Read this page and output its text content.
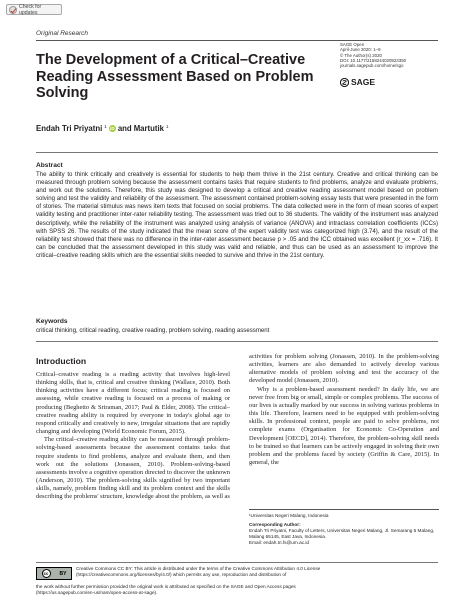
Check for updates
Original Research
The Development of a Critical–Creative Reading Assessment Based on Problem Solving
SAGE Open
April-June 2020: 1–9
© The Author(s) 2020
DOI: 10.1177/2158244020923350
journals.sagepub.com/home/sgo
SAGE
Endah Tri Priyatni $^1$ iD and Martutik $^1$
Abstract

The ability to think critically and creatively is essential for students to help them thrive in the 21st century. Creative and critical thinking can be measured through problem solving because the assessment contains tasks that require students to find problems, analyze and evaluate problems, and work out the solutions. Therefore, this study was designed to develop a critical and creative reading assessment model based on problem solving and test the validity and reliability of the assessment. The assessment contained problem-solving essay tests that were presented in the form of stories. The material stimulus was news item texts that focused on social problems. The data collected were in the form of mean scores of expert validity testing and practitioner inter-rater reliability testing. The assessment was tried out to 36 students. The validity of the instrument was analyzed descriptively, while the reliability of the instrument was analyzed using analysis of variance (ANOVA) and intraclass correlation coefficients (ICCs) with SPSS 26. The results of the study indicated that the mean score of the expert validity test was categorized high (3.74), and the result of the reliability test showed that there was no difference in the inter-rater assessment because p > .05 and the ICC obtained was excellent (r_xx = .716). It can be concluded that the assessment developed in this study was valid and reliable, and thus can be used as an assessment to improve the critical–creative reading skills which are the essential skills needed to survive and thrive in the 21st century.

Keywords
critical thinking, critical reading, creative reading, problem solving, reading assessment
Introduction

Critical–creative reading is a reading activity that involves high-level thinking skills, that is, critical and creative thinking (Wallace, 2010). Both thinking activities have a different focus; critical reading is focused on assessing, while creative reading is focused on a process of making or producing (Beghetto & Sriraman, 2017; Paul & Elder, 2008). The critical–creative reading ability is required by everyone in today's global age to respond critically and creatively to new, irregular situations that are rapidly changing and developing (World Economic Forum, 2015).

The critical–creative reading ability can be measured through problem-solving-based assessments because the assessment contains tasks that require students to find problems, analyze and evaluate them, and then work out the solutions (Jonassen, 2010). Problem-solving-based assessments involve a cognitive operation directed to discover the unknown (Anderson, 2010). The problem-solving skills signified by two important skills, namely, problem finding skill and its problem context and the skills describing the problems' structure, knowledge about the problem, as well as

activities for problem solving (Jonassen, 2010). In the problem-solving activities, learners are also demanded to actively develop various alternative models of problem solving and test the accuracy of the developed model (Jonassen, 2010).

Why is a problem-based assessment needed? In daily life, we are never free from big or small, simple or complex problems. The success of our lives is actually marked by our success in solving various problems in this life. Therefore, learners need to be equipped with problem-solving skills. In professional context, people are paid to solve problems, not complete exams (Organisation for Economic Co-Operation and Development [OECD], 2014). Therefore, the problem-solving skill needs to be trained so that learners can be actively engaged in solving their own problem and the problems faced by society (Griffin & Care, 2015). In general, the

¹Universitas Negeri Malang, Indonesia
Corresponding Author:
Endah Tri Priyatni, Faculty of Letters, Universitas Negeri Malang, Jl. Semarang 5 Malang, Malang 65145, East Java, Indonesia.
Email: endah.tri.fs@um.ac.id
cc	BY
Creative Commons CC BY: This article is distributed under the terms of the Creative Commons Attribution 4.0 License
(https://creativecommons.org/licenses/by/4.0/) which permits any use, reproduction and distribution of
the work without further permission provided the original work is attributed as specified on the SAGE and Open Access pages
(https://us.sagepub.com/en-us/nam/open-access-at-sage).
